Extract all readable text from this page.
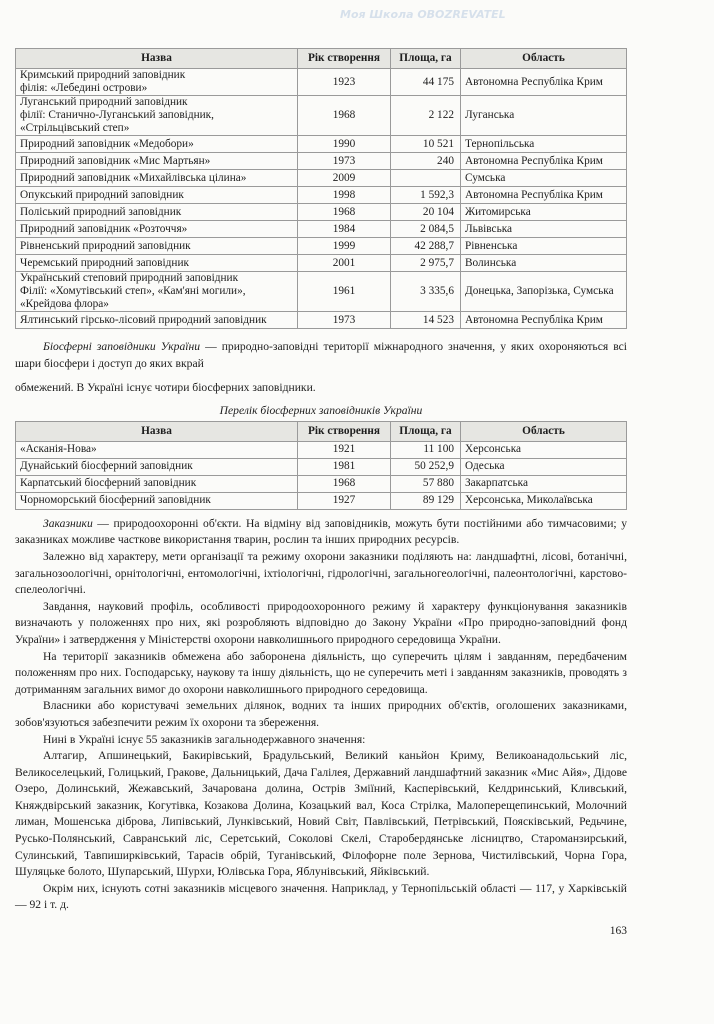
Моя Школа OBOZREVATEL
Назва	Рік створення	Площа, га	Область
Кримський природний заповідник
філія: «Лебедині острови»	1923	44 175	Автономна Республіка Крим
Луганський природний заповідник
філії: Станично-Луганський заповідник,
«Стрільцівський степ»	1968	2 122	Луганська
Природний заповідник «Медобори»	1990	10 521	Тернопільська
Природний заповідник «Мис Мартьян»	1973	240	Автономна Республіка Крим
Природний заповідник «Михайлівська цілина»	2009		Сумська
Опукський природний заповідник	1998	1 592,3	Автономна Республіка Крим
Поліський природний заповідник	1968	20 104	Житомирська
Природний заповідник «Розточчя»	1984	2 084,5	Львівська
Рівненський природний заповідник	1999	42 288,7	Рівненська
Черемський природний заповідник	2001	2 975,7	Волинська
Український степовий природний заповідник
Філії: «Хомутівський степ», «Кам'яні могили»,
«Крейдова флора»	1961	3 335,6	Донецька, Запорізька, Сумська
Ялтинський гірсько-лісовий природний заповідник	1973	14 523	Автономна Республіка Крим
Біосферні заповідники України — природно-заповідні території міжнародного значення, у яких охороняються всі шари біосфери і доступ до яких вкрай
обмежений. В Україні існує чотири біосферних заповідники.
Перелік біосферних заповідників України
Назва	Рік створення	Площа, га	Область
«Асканія-Нова»	1921	11 100	Херсонська
Дунайський біосферний заповідник	1981	50 252,9	Одеська
Карпатський біосферний заповідник	1968	57 880	Закарпатська
Чорноморський біосферний заповідник	1927	89 129	Херсонська, Миколаївська
Заказники — природоохоронні об'єкти. На відміну від заповідників, можуть бути постійними або тимчасовими; у заказниках можливе часткове використання тварин, рослин та інших природних ресурсів.
Залежно від характеру, мети організації та режиму охорони заказники поділяють на: ландшафтні, лісові, ботанічні, загальнозоологічні, орнітологічні, ентомологічні, іхтіологічні, гідрологічні, загальногеологічні, палеонтологічні, карстово-спелеологічні.
Завдання, науковий профіль, особливості природоохоронного режиму й характеру функціонування заказників визначають у положеннях про них, які розробляють відповідно до Закону України «Про природно-заповідний фонд України» і затвердження у Міністерстві охорони навколишнього природного середовища України.
На території заказників обмежена або заборонена діяльність, що суперечить цілям і завданням, передбаченим положенням про них. Господарську, наукову та іншу діяльність, що не суперечить меті і завданням заказників, проводять з дотриманням загальних вимог до охорони навколишнього природного середовища.
Власники або користувачі земельних ділянок, водних та інших природних об'єктів, оголошених заказниками, зобов'язуються забезпечити режим їх охорони та збереження.
Нині в Україні існує 55 заказників загальнодержавного значення:
Алтагир, Апшинецький, Бакирівський, Брадульський, Великий каньйон Криму, Великоанадольський ліс, Великоселецький, Голицький, Гракове, Дальницький, Дача Галілея, Державний ландшафтний заказник «Мис Айя», Дідове Озеро, Долинський, Жежавський, Зачарована долина, Острів Зміїний, Касперівський, Келдринський, Кливський, Княждвірський заказник, Когутівка, Козакова Долина, Козацький вал, Коса Стрілка, Малоперещепинський, Молочний лиман, Мошенська діброва, Липівський, Лунківський, Новий Світ, Павлівський, Петрівський, Поясківський, Редьчине, Русько-Полянський, Савранський ліс, Серетський, Соколові Скелі, Старобердянське лісництво, Староманзирський, Сулинський, Тавпиширківський, Тарасів обрій, Туганівський, Філофорне поле Зернова, Чистилівський, Чорна Гора, Шуляцьке болото, Шупарський, Шурхи, Юлівська Гора, Яблунівський, Яйківський.
Окрім них, існують сотні заказників місцевого значення. Наприклад, у Тернопільській області — 117, у Харківській— 92 і т. д.
163
